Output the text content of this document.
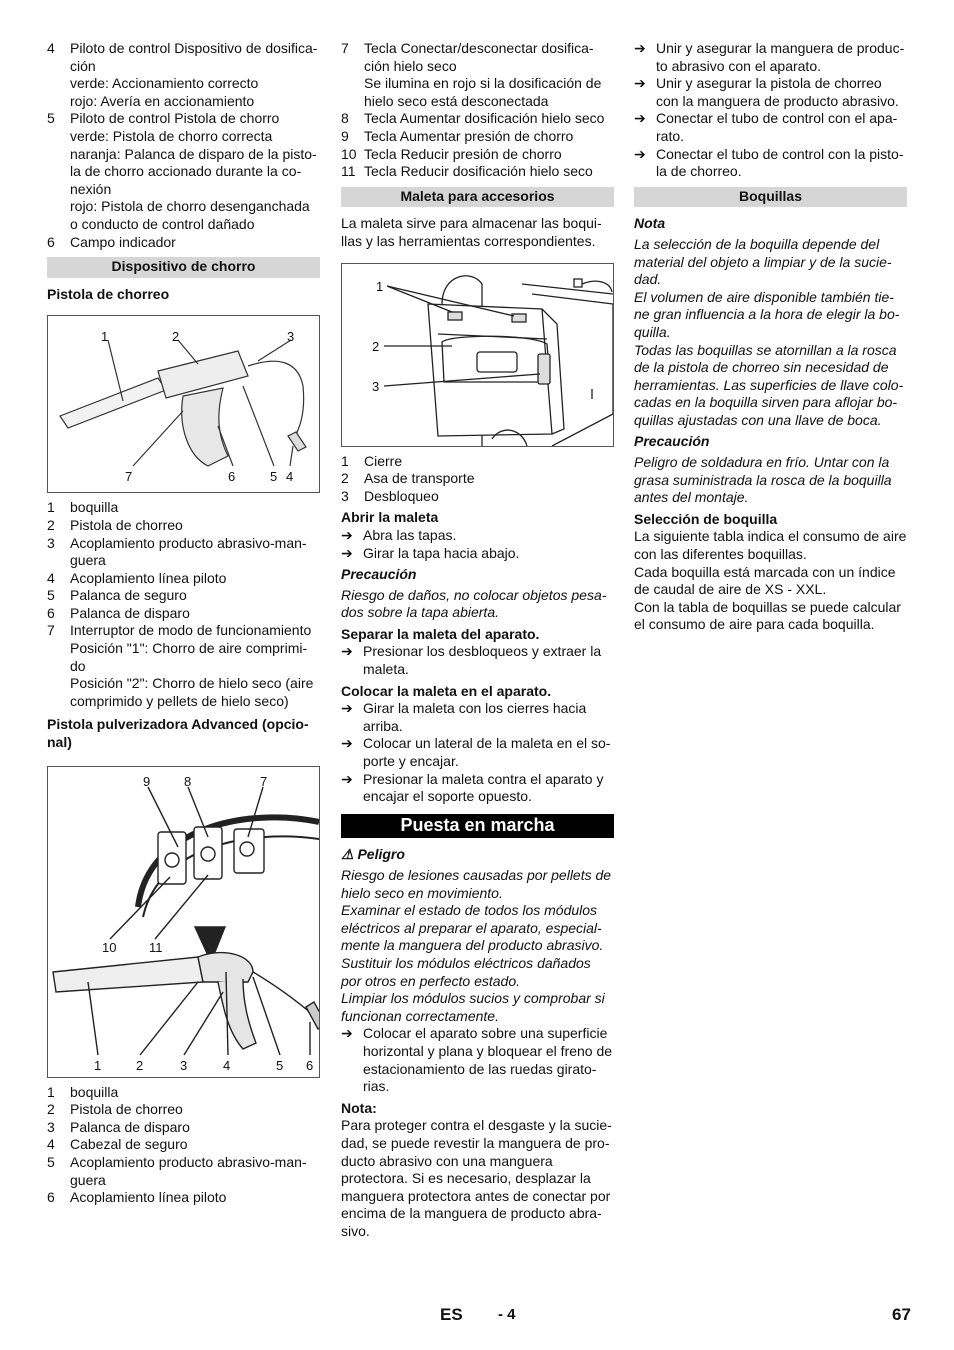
4	Piloto de control Dispositivo de dosifica-ción
verde: Accionamiento correcto
rojo: Avería en accionamiento
5	Piloto de control Pistola de chorro
verde: Pistola de chorro correcta
naranja: Palanca de disparo de la pisto-la de chorro accionado durante la co-nexión
rojo: Pistola de chorro desenganchada o conducto de control dañado
6	Campo indicador
Dispositivo de chorro
Pistola de chorreo
1	2	3
7	6	5 4
1	boquilla
2	Pistola de chorreo
3	Acoplamiento producto abrasivo-man-guera
4	Acoplamiento línea piloto
5	Palanca de seguro
6	Palanca de disparo
7	Interruptor de modo de funcionamiento
Posición "1": Chorro de aire comprimi-do
Posición "2": Chorro de hielo seco (aire comprimido y pellets de hielo seco)
Pistola pulverizadora Advanced (opcio-nal)
9	8	7
10	11
1	2	3	4	5 6
1	boquilla
2	Pistola de chorreo
3	Palanca de disparo
4	Cabezal de seguro
5	Acoplamiento producto abrasivo-man-guera
6	Acoplamiento línea piloto
7	Tecla Conectar/desconectar dosifica-ción hielo seco
Se ilumina en rojo si la dosificación de hielo seco está desconectada
8	Tecla Aumentar dosificación hielo seco
9	Tecla Aumentar presión de chorro
10 Tecla Reducir presión de chorro
11 Tecla Reducir dosificación hielo seco
Maleta para accesorios
La maleta sirve para almacenar las boqui-llas y las herramientas correspondientes.
1
2
3
1	Cierre
2	Asa de transporte
3	Desbloqueo
Abrir la maleta
➔ Abra las tapas.
➔ Girar la tapa hacia abajo.
Precaución
Riesgo de daños, no colocar objetos pesa-dos sobre la tapa abierta.
Separar la maleta del aparato.
➔ Presionar los desbloqueos y extraer la maleta.
Colocar la maleta en el aparato.
➔ Girar la maleta con los cierres hacia arriba.
➔ Colocar un lateral de la maleta en el so-porte y encajar.
➔ Presionar la maleta contra el aparato y encajar el soporte opuesto.
Puesta en marcha
⚠ Peligro
Riesgo de lesiones causadas por pellets de hielo seco en movimiento.
Examinar el estado de todos los módulos eléctricos al preparar el aparato, especial-mente la manguera del producto abrasivo. Sustituir los módulos eléctricos dañados por otros en perfecto estado.
Limpiar los módulos sucios y comprobar si funcionan correctamente.
➔ Colocar el aparato sobre una superficie horizontal y plana y bloquear el freno de estacionamiento de las ruedas girato-rias.
Nota:
Para proteger contra el desgaste y la sucie-dad, se puede revestir la manguera de pro-ducto abrasivo con una manguera protectora. Si es necesario, desplazar la manguera protectora antes de conectar por encima de la manguera de producto abra-sivo.
➔ Unir y asegurar la manguera de produc-to abrasivo con el aparato.
➔ Unir y asegurar la pistola de chorreo con la manguera de producto abrasivo.
➔ Conectar el tubo de control con el apa-rato.
➔ Conectar el tubo de control con la pisto-la de chorreo.
Boquillas
Nota
La selección de la boquilla depende del material del objeto a limpiar y de la sucie-dad.
El volumen de aire disponible también tie-ne gran influencia a la hora de elegir la bo-quilla.
Todas las boquillas se atornillan a la rosca de la pistola de chorreo sin necesidad de herramientas. Las superficies de llave colo-cadas en la boquilla sirven para aflojar bo-quillas ajustadas con una llave de boca.
Precaución
Peligro de soldadura en frío. Untar con la grasa suministrada la rosca de la boquilla antes del montaje.
Selección de boquilla
La siguiente tabla indica el consumo de aire con las diferentes boquillas.
Cada boquilla está marcada con un índice de caudal de aire de XS - XXL.
Con la tabla de boquillas se puede calcular el consumo de aire para cada boquilla.
ES - 4	67
